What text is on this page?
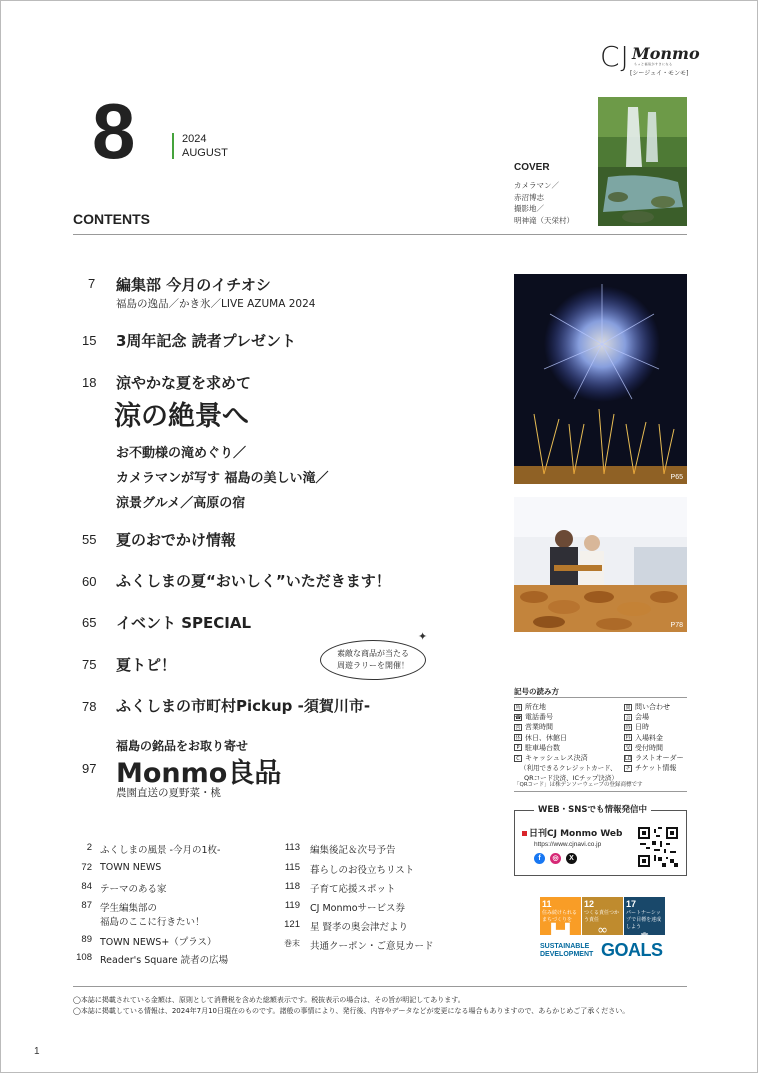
CJ Monmo
もっと福島がすきになる
[シージェイ・モンモ]
8	2024
AUGUST
COVER
カメラマン／
赤沼博志
撮影地／
明神滝（天栄村）
CONTENTS
7 編集部 今月のイチオシ
福島の逸品／かき氷／LIVE AZUMA 2024
15 3周年記念 読者プレゼント
18 涼やかな夏を求めて
涼の絶景へ
お不動様の滝めぐり／
カメラマンが写す 福島の美しい滝／
涼景グルメ／高原の宿
55 夏のおでかけ情報
60 ふくしまの夏“おいしく”いただきます！
65 イベント SPECIAL
75 夏トピ！
78 ふくしまの市町村Pickup -須賀川市-
福島の銘品をお取り寄せ
97 Monmo良品
農園直送の夏野菜・桃
素敵な商品が当たる
周遊ラリーを開催！
✦
P65
P78
記号の読み方
所 所在地
☎ 電話番号
営 営業時間
休 休日、休館日
P 駐車場台数
C キャッシュレス決済
（利用できるクレジットカード、
QRコード決済、ICチップ決済）
問 問い合わせ
会 会場
時 日時
料 入場料金
受 受付時間
LO ラストオーダー
チ チケット情報
「QRコード」は株デンソーウェーブの登録商標です
WEB・SNSでも情報発信中
日刊CJ Monmo Web
https://www.cjnavi.co.jp
f	◎	X
11
住み続けられるまちづくりを
▙▟
12
つくる責任つかう責任
∞
17
パートナーシップで目標を達成しよう
❁
SUSTAINABLE
DEVELOPMENT GOALS
2 ふくしまの風景 -今月の1枚-
72 TOWN NEWS
84 テーマのある家
87 学生編集部の
福島のここに行きたい！
89 TOWN NEWS+（プラス）
108 Reader's Square 読者の広場
113 編集後記＆次号予告
115 暮らしのお役立ちリスト
118 子育て応援スポット
119 CJ Monmoサービス券
121 星 賢孝の奥会津だより
巻末 共通クーポン・ご意見カード
◯本誌に掲載されている金額は、原則として消費税を含めた総額表示です。税抜表示の場合は、その旨が明記してあります。
◯本誌に掲載している情報は、2024年7月10日現在のものです。諸般の事情により、発行後、内容やデータなどが変更になる場合もありますので、あらかじめご了承ください。
1
